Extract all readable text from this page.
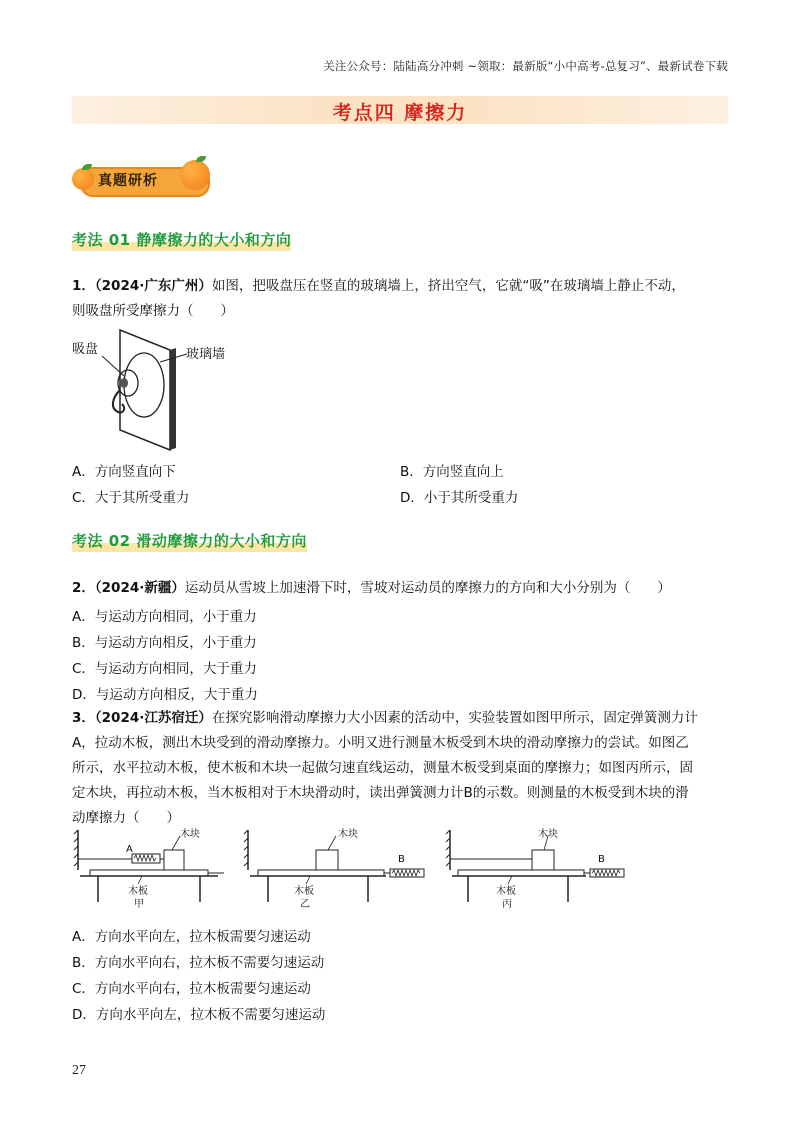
关注公众号：陆陆高分冲刺 ~领取：最新版“小中高考-总复习”、最新试卷下载
考点四 摩擦力
真题研析
考法 01 静摩擦力的大小和方向
1．（2024·广东广州）如图，把吸盘压在竖直的玻璃墙上，挤出空气，它就“吸”在玻璃墙上静止不动，
则吸盘所受摩擦力（　　）
吸盘	玻璃墙
A．方向竖直向下	B．方向竖直向上
C．大于其所受重力	D．小于其所受重力
考法 02 滑动摩擦力的大小和方向
2．（2024·新疆）运动员从雪坡上加速滑下时，雪坡对运动员的摩擦力的方向和大小分别为（　　）
A．与运动方向相同，小于重力
B．与运动方向相反，小于重力
C．与运动方向相同，大于重力
D．与运动方向相反，大于重力
3．（2024·江苏宿迁）在探究影响滑动摩擦力大小因素的活动中，实验装置如图甲所示，固定弹簧测力计
A，拉动木板，测出木块受到的滑动摩擦力。小明又进行测量木板受到木块的滑动摩擦力的尝试。如图乙
所示，水平拉动木板，使木板和木块一起做匀速直线运动，测量木板受到桌面的摩擦力；如图丙所示，固
定木块，再拉动木板，当木板相对于木块滑动时，读出弹簧测力计B的示数。则测量的木板受到木块的滑
动摩擦力（　　）
木块
A
木板
甲
木块
B
木板
乙
木块
B
木板
丙
A．方向水平向左，拉木板需要匀速运动
B．方向水平向右，拉木板不需要匀速运动
C．方向水平向右，拉木板需要匀速运动
D．方向水平向左，拉木板不需要匀速运动
27
